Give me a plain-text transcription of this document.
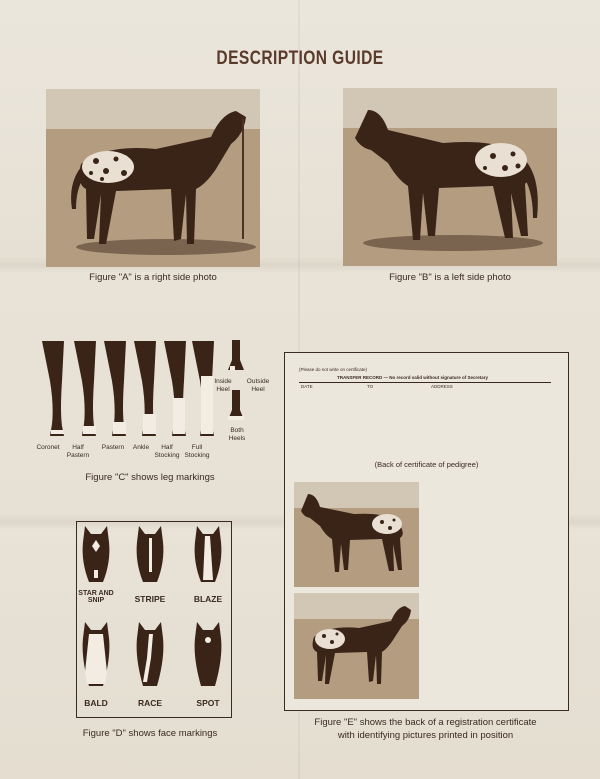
DESCRIPTION GUIDE
Figure "A" is a right side photo	Figure "B" is a left side photo
Coronet	Half Pastern
Pastern	Ankle	Half Stocking
Full Stocking
Inside Heel
Outside Heel
Both Heels
Figure "C" shows leg markings
STAR AND SNIP	STRIPE	BLAZE
BALD	RACE	SPOT
Figure "D" shows face markings
(Please do not write on certificate)
TRANSFER RECORD — No record valid without signature of Secretary
DATE	TO	ADDRESS
(Back of certificate of pedigree)
Figure "E" shows the back of a registration certificate
with identifying pictures printed in position
